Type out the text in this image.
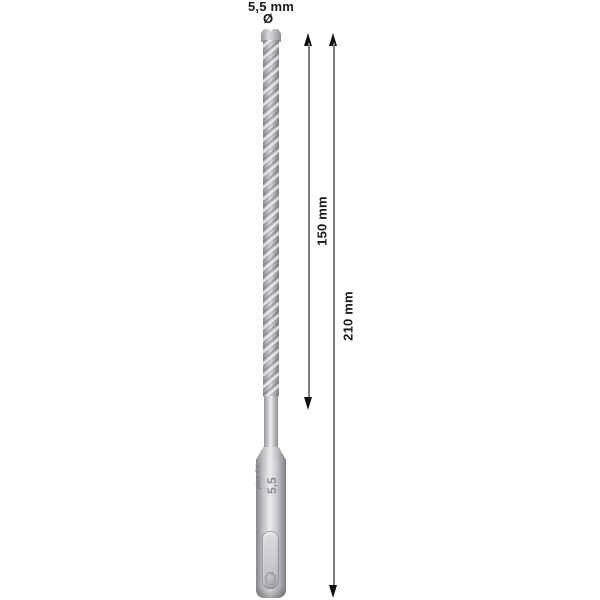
5,5 mm
Ø
plus 5X 5,5
150 mm
210 mm
